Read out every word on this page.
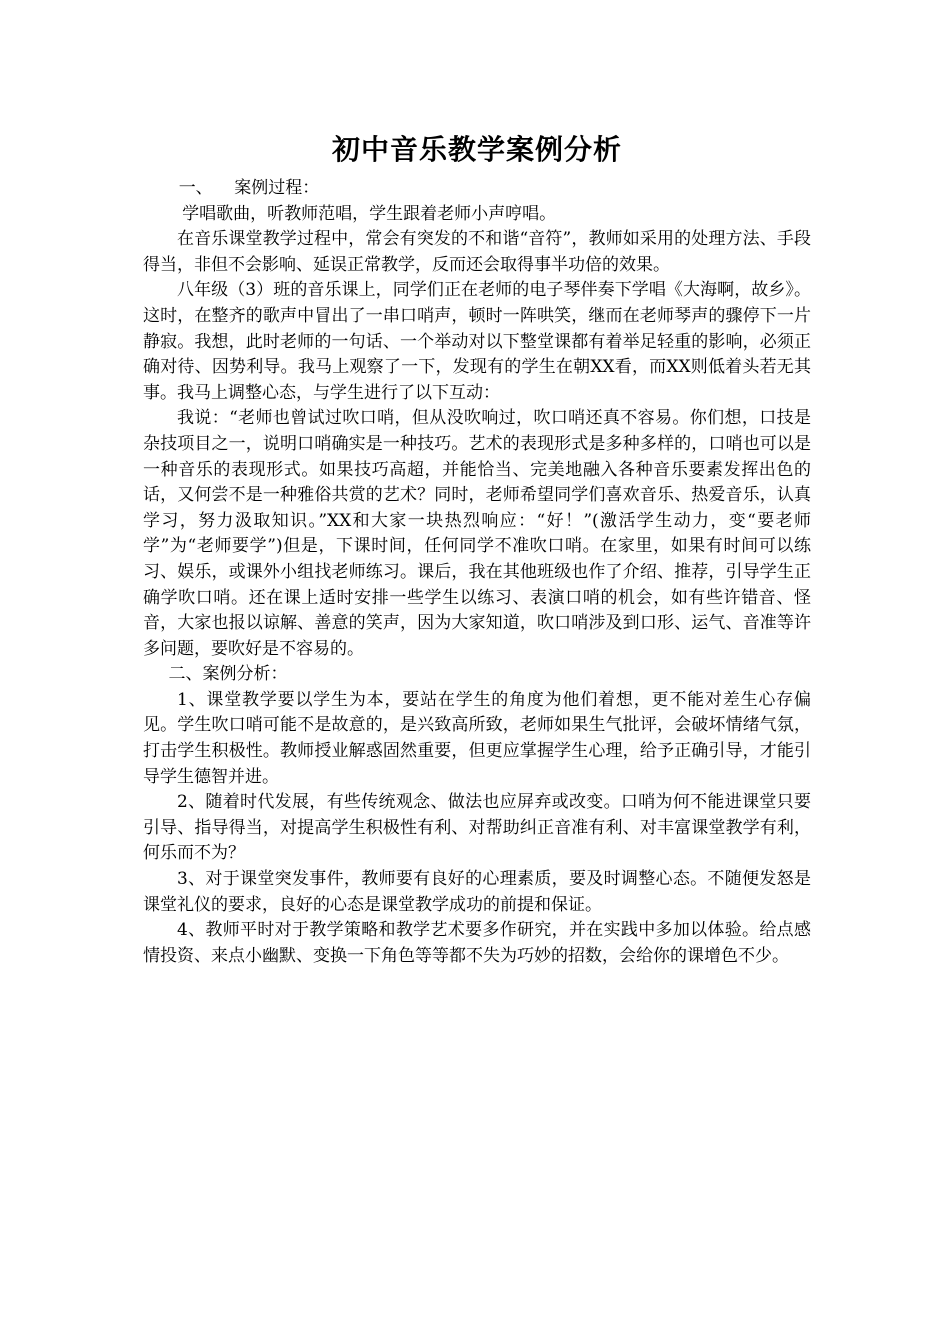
初中音乐教学案例分析

一、    案例过程：

学唱歌曲，听教师范唱，学生跟着老师小声哼唱。

在音乐课堂教学过程中，常会有突发的不和谐“音符”，教师如采用的处理方法、手段得当，非但不会影响、延误正常教学，反而还会取得事半功倍的效果。

八年级（3）班的音乐课上，同学们正在老师的电子琴伴奏下学唱《大海啊，故乡》。这时，在整齐的歌声中冒出了一串口哨声，顿时一阵哄笑，继而在老师琴声的骤停下一片静寂。我想，此时老师的一句话、一个举动对以下整堂课都有着举足轻重的影响，必须正确对待、因势利导。我马上观察了一下，发现有的学生在朝XX看，而XX则低着头若无其事。我马上调整心态，与学生进行了以下互动：

我说：“老师也曾试过吹口哨，但从没吹响过，吹口哨还真不容易。你们想，口技是杂技项目之一，说明口哨确实是一种技巧。艺术的表现形式是多种多样的，口哨也可以是一种音乐的表现形式。如果技巧高超，并能恰当、完美地融入各种音乐要素发挥出色的话，又何尝不是一种雅俗共赏的艺术？同时，老师希望同学们喜欢音乐、热爱音乐，认真学习，努力汲取知识。”XX和大家一块热烈响应：“好！”(激活学生动力，变“要老师学”为“老师要学”)但是，下课时间，任何同学不准吹口哨。在家里，如果有时间可以练习、娱乐，或课外小组找老师练习。课后，我在其他班级也作了介绍、推荐，引导学生正确学吹口哨。还在课上适时安排一些学生以练习、表演口哨的机会，如有些许错音、怪音，大家也报以谅解、善意的笑声，因为大家知道，吹口哨涉及到口形、运气、音准等许多问题，要吹好是不容易的。

二、案例分析：

1、课堂教学要以学生为本，要站在学生的角度为他们着想，更不能对差生心存偏见。学生吹口哨可能不是故意的，是兴致高所致，老师如果生气批评，会破坏情绪气氛，打击学生积极性。教师授业解惑固然重要，但更应掌握学生心理，给予正确引导，才能引导学生德智并进。

2、随着时代发展，有些传统观念、做法也应屏弃或改变。口哨为何不能进课堂只要引导、指导得当，对提高学生积极性有利、对帮助纠正音准有利、对丰富课堂教学有利，何乐而不为？

3、对于课堂突发事件，教师要有良好的心理素质，要及时调整心态。不随便发怒是课堂礼仪的要求，良好的心态是课堂教学成功的前提和保证。

4、教师平时对于教学策略和教学艺术要多作研究，并在实践中多加以体验。给点感情投资、来点小幽默、变换一下角色等等都不失为巧妙的招数，会给你的课增色不少。
